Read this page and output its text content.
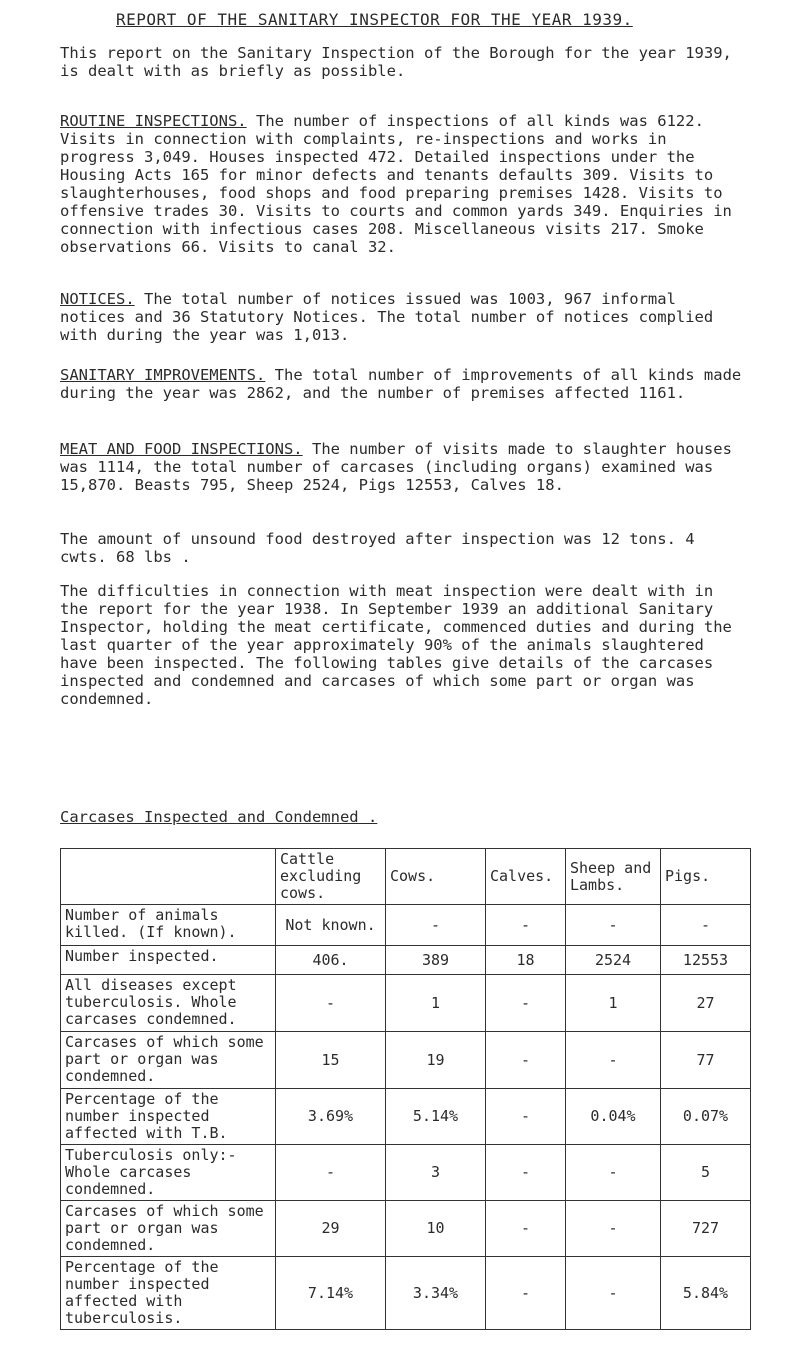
REPORT OF THE SANITARY INSPECTOR FOR THE YEAR 1939.

This report on the Sanitary Inspection of the Borough for the year 1939, is dealt with as briefly as possible.

ROUTINE INSPECTIONS. The number of inspections of all kinds was 6122. Visits in connection with complaints, re-inspections and works in progress 3,049. Houses inspected 472. Detailed inspections under the Housing Acts 165 for minor defects and tenants defaults 309. Visits to slaughterhouses, food shops and food preparing premises 1428. Visits to offensive trades 30. Visits to courts and common yards 349. Enquiries in connection with infectious cases 208. Miscellaneous visits 217. Smoke observations 66. Visits to canal 32.

NOTICES. The total number of notices issued was 1003, 967 informal notices and 36 Statutory Notices. The total number of notices complied with during the year was 1,013.

SANITARY IMPROVEMENTS. The total number of improvements of all kinds made during the year was 2862, and the number of premises affected 1161.

MEAT AND FOOD INSPECTIONS. The number of visits made to slaughter houses was 1114, the total number of carcases (including organs) examined was 15,870. Beasts 795, Sheep 2524, Pigs 12553, Calves 18.

The amount of unsound food destroyed after inspection was 12 tons. 4 cwts. 68 lbs .

The difficulties in connection with meat inspection were dealt with in the report for the year 1938. In September 1939 an additional Sanitary Inspector, holding the meat certificate, commenced duties and during the last quarter of the year approximately 90% of the animals slaughtered have been inspected. The following tables give details of the carcases inspected and condemned and carcases of which some part or organ was condemned.

Carcases Inspected and Condemned .

	Cattle excluding cows.	Cows.	Calves.	Sheep and Lambs.	Pigs.
Number of animals killed. (If known).	Not known.	-	-	-	-
Number inspected.	406.	389	18	2524	12553
All diseases except tuberculosis. Whole carcases condemned.	-	1	-	1	27
Carcases of which some part or organ was condemned.	15	19	-	-	77
Percentage of the number inspected affected with T.B.	3.69%	5.14%	-	0.04%	0.07%
Tuberculosis only:- Whole carcases condemned.	-	3	-	-	5
Carcases of which some part or organ was condemned.	29	10	-	-	727
Percentage of the number inspected affected with tuberculosis.	7.14%	3.34%	-	-	5.84%
